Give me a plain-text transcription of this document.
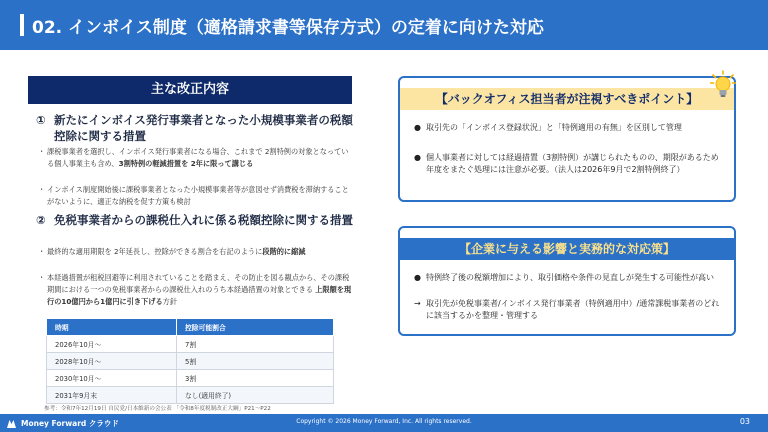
02. インボイス制度（適格請求書等保存方式）の定着に向けた対応
主な改正内容
① 新たにインボイス発行事業者となった小規模事業者の税額控除に関する措置
・ 課税事業者を選択し、インボイス発行事業者になる場合、これまで 2割特例の対象となっている個人事業主も含め、3割特例の軽減措置を 2年に限って講じる
・ インボイス制度開始後に課税事業者となった小規模事業者等が意図せず消費税を滞納することがないように、適正な納税を促す方策も検討
② 免税事業者からの課税仕入れに係る税額控除に関する措置
・ 最終的な適用期限を 2年延長し、控除ができる割合を右記のように段階的に縮減
・ 本経過措置が租税回避等に利用されていることを踏まえ、その防止を図る観点から、その課税期間における一つの免税事業者からの課税仕入れのうち本経過措置の対象とできる 上限額を現行の10億円から1億円に引き下げる方針
時期	控除可能割合
2026年10月～	7割
2028年10月～	5割
2030年10月～	3割
2031年9月末	なし(適用終了)
参考：令和7年12月19日 自民党/日本維新の会公表 「令和8年度税制改正大綱」P21～P22
【バックオフィス担当者が注視すべきポイント】
● 取引先の「インボイス登録状況」と「特例適用の有無」を区別して管理
● 個人事業者に対しては経過措置（3割特例）が講じられたものの、期限があるため年度をまたぐ処理には注意が必要。（法人は2026年9月で2割特例終了）
【企業に与える影響と実務的な対応策】
● 特例終了後の税額増加により、取引価格や条件の見直しが発生する可能性が高い
→ 取引先が免税事業者/インボイス発行事業者（特例適用中）/通常課税事業者のどれに該当するかを整理・管理する
Money Forward クラウド	Copyright © 2026 Money Forward, Inc. All rights reserved.	03
